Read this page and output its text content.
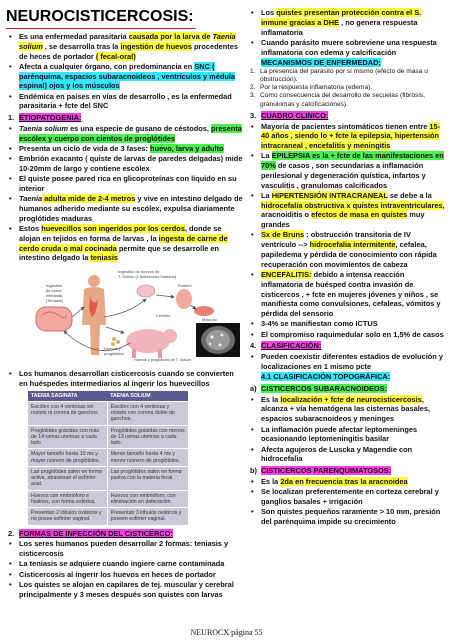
NEUROCISTICERCOSIS:
• Es una enfermedad parasitaria causada por la larva de Taenia solium , se desarrolla tras la ingestión de huevos procedentes de heces de portador ( fecal-oral)
• Afecta a cualquier órgano, con predominancia en SNC ( parénquima, espacios subaracnoideos , ventrículos y médula espinal) ojos y los músculos
• Endémica en países en vías de desarrollo , es la enfermedad parasitaria + fcte del SNC
1. ETIOPATOGENIA:
• Taenia solium es una especie de gusano de céstodos, presenta escólex y cuerpo con cientos de proglótides
• Presenta un ciclo de vida de 3 fases: huevo, larva y adulto
• Embrión exacanto ( quiste de larvas de paredes delgadas) mide 10-20mm de largo y contiene escólex
• El quiste posee pared rica en glicoproteínas con líquido en su interior
• Taenia adulta mide de 2-4 metros y vive en intestino delgado de humanos adherido mediante su escólex, expulsa diariamente proglótides maduras
• Estos huevecillos son ingeridos por los cerdos, donde se alojan en tejidos en forma de larvas , la ingesta de carne de cerdo cruda o mal cocinada permite que se desarrolle en intestino delgado la teniasis
Ingestión de huevos de
T. Solium (Cisticercosis humana)
Ingestión
de carne
infectada
(Teniasis)
Huevos y
proglótides
Huevos y proglótides de T. Solium
Cerebro
Pulmón
Músculo
• Los humanos desarrollan cisticercosis cuando se convierten en huéspedes intermediarios al ingerir los huevecillos
TAENIA SAGINATA	TAENIA SOLIUM
Escólex con 4 ventosas sin rostelo ni corona de ganchos.	Escólex con 4 ventosas y róstelo con corona doble de ganchos.
Proglótides grávidas con más de 14 ramas uterinas a cada lado	Proglótides grávidas con menos de 13 ramas uterinas a cada lado.
Mayor tamaño hasta 10 ms y mayor número de proglótides.	Menor tamaño hasta 4 ms y menor número de proglótides.
Las proglótides salen en forma activa, atraviesan el esfínter anal.	Las proglótides salen en forma pasiva con la materia fecal.
Huevos con embrióforo e hialinos, con forma esférica.	Huevos con embrióforo, con eliminación en defecación.
Presentan 2 lóbulos ováricos y no posee esfínter vaginal.	Presentan 3 lóbulos ováricos y poseen esfínter vaginal.
2. FORMAS DE INFECCIÓN DEL CISTICERCO:
• Los seres humanos pueden desarrollar 2 formas: teniasis y cisticercosis
• La teniasis se adquiere cuando ingiere carne contaminada
• Cisticercosis al ingerir los huevos en heces de portador
• Los quistes se alojan en capilares de tej. muscular y cerebral principalmente y 3 meses después son quistes con larvas
• Los quistes presentan protección contra el S. inmune gracias a DHE , no genera respuesta inflamatoria
• Cuando parásito muere sobreviene una respuesta inflamatoria con edema y calcificación
MECANISMOS DE ENFERMEDAD:
1. La presencia del parásito por sí mismo (efecto de masa u obstrucción).
2. Por la respuesta inflamatoria (edema).
3. Como consecuencia del desarrollo de secuelas (fibrosis, granulomas y calcificaciones).
3. CUADRO CLINICO:
• Mayoría de pacientes sintomáticos tienen entre 15-40 años , siendo lo + fcte la epilepsia, hipertensión intracraneal , encefalitis y meningitis
• La EPILEPSIA es la + fcte de las manifestaciones en 70% de casos , son secundarias a inflamación perilesional y degeneración quística, infartos y vasculitis , granulomas calcificados
• La HIPERTENSIÓN INTRACRANEAL se debe a la hidrocefalia obstructiva x quistes intraventriculares, aracnoiditis o efectos de masa en quistes muy grandes
• Sx de Bruns : obstrucción transitoria de IV ventrículo --> hidrocefalia intermitente, cefalea, papiledema y pérdida de conocimiento con rápida recuperación con movimientos de cabeza
• ENCEFALITIS: debido a intensa reacción inflamatoria de huésped contra invasión de cisticercos , + fcte en mujeres jóvenes y niños , se manifiesta como convulsiones, cefaleas, vómitos y pérdida del sensorio
• 3-4% se manifiestan como ICTUS
• El compromiso raquimedular solo en 1,5% de casos
4. CLASIFICACIÓN:
• Pueden coexistir diferentes estadios de evolución y localizaciones en 1 mismo pcte
4.1 CLASIFICACIÓN TOPOGRÁFICA:
a) CISTICERCOS SUBARACNOIDEOS:
• Es la localización + fcte de neurocisticercosis, alcanza + vía hematógena las cisternas basales, espacios subaracnoideos y meninges
• La inflamación puede afectar leptomeninges ocasionando leptomeningitis basilar
• Afecta agujeros de Luscka y Magendie con hidrocefalia
b) CISTICERCOS PARENQUIMATOSOS:
• Es la 2da en frecuencia tras la aracnoidea
• Se localizan preferentemente en corteza cerebral y ganglios basales + irrigación
• Son quistes pequeños raramente > 10 mm, presión del parénquima impide su crecimiento
NEUROCX página 55
